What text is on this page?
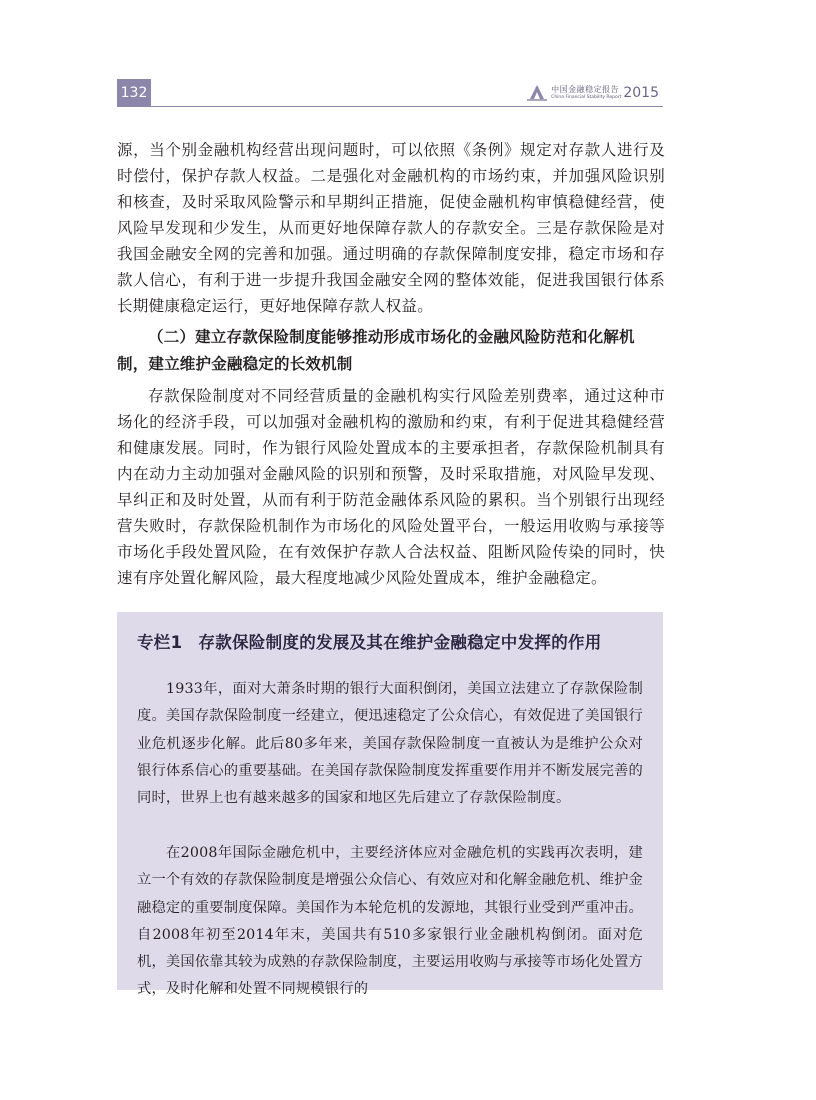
132	中国金融稳定报告
China Financial Stability Report 2015

源，当个别金融机构经营出现问题时，可以依照《条例》规定对存款人进行及时偿付，保护存款人权益。二是强化对金融机构的市场约束，并加强风险识别和核查，及时采取风险警示和早期纠正措施，促使金融机构审慎稳健经营，使风险早发现和少发生，从而更好地保障存款人的存款安全。三是存款保险是对我国金融安全网的完善和加强。通过明确的存款保障制度安排，稳定市场和存款人信心，有利于进一步提升我国金融安全网的整体效能，促进我国银行体系长期健康稳定运行，更好地保障存款人权益。

（二）建立存款保险制度能够推动形成市场化的金融风险防范和化解机制，建立维护金融稳定的长效机制

存款保险制度对不同经营质量的金融机构实行风险差别费率，通过这种市场化的经济手段，可以加强对金融机构的激励和约束，有利于促进其稳健经营和健康发展。同时，作为银行风险处置成本的主要承担者，存款保险机制具有内在动力主动加强对金融风险的识别和预警，及时采取措施，对风险早发现、早纠正和及时处置，从而有利于防范金融体系风险的累积。当个别银行出现经营失败时，存款保险机制作为市场化的风险处置平台，一般运用收购与承接等市场化手段处置风险，在有效保护存款人合法权益、阻断风险传染的同时，快速有序处置化解风险，最大程度地减少风险处置成本，维护金融稳定。

专栏1 存款保险制度的发展及其在维护金融稳定中发挥的作用

1933年，面对大萧条时期的银行大面积倒闭，美国立法建立了存款保险制度。美国存款保险制度一经建立，便迅速稳定了公众信心，有效促进了美国银行业危机逐步化解。此后80多年来，美国存款保险制度一直被认为是维护公众对银行体系信心的重要基础。在美国存款保险制度发挥重要作用并不断发展完善的同时，世界上也有越来越多的国家和地区先后建立了存款保险制度。

在2008年国际金融危机中，主要经济体应对金融危机的实践再次表明，建立一个有效的存款保险制度是增强公众信心、有效应对和化解金融危机、维护金融稳定的重要制度保障。美国作为本轮危机的发源地，其银行业受到严重冲击。自2008年初至2014年末，美国共有510多家银行业金融机构倒闭。面对危机，美国依靠其较为成熟的存款保险制度，主要运用收购与承接等市场化处置方式，及时化解和处置不同规模银行的
